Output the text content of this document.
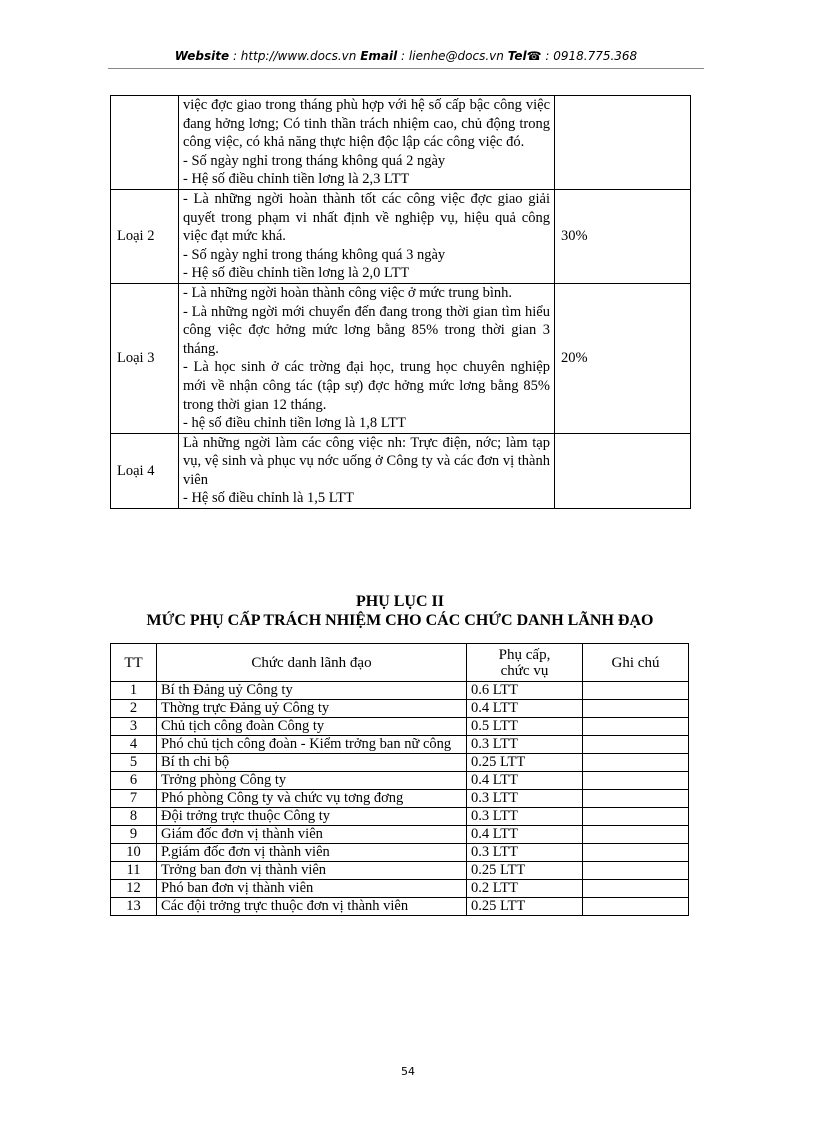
Website : http://www.docs.vn Email : lienhe@docs.vn Tel☎ : 0918.775.368

	việc đợc giao trong tháng phù hợp với hệ số cấp bậc công việc đang hởng lơng; Có tinh thần trách nhiệm cao, chủ động trong công việc, có khả năng thực hiện độc lập các công việc đó.
- Số ngày nghỉ trong tháng không quá 2 ngày
- Hệ số điều chỉnh tiền lơng là 2,3 LTT	

Loại 2	- Là những ngời hoàn thành tốt các công việc đợc giao giải quyết trong phạm vi nhất định về nghiệp vụ, hiệu quả công việc đạt mức khá.
- Số ngày nghỉ trong tháng không quá 3 ngày
- Hệ số điều chỉnh tiền lơng là 2,0 LTT	30%
Loại 3	- Là những ngời hoàn thành công việc ở mức trung bình.
- Là những ngời mới chuyển đến đang trong thời gian tìm hiểu công việc đợc hởng mức lơng bằng 85% trong thời gian 3 tháng.
- Là học sinh ở các trờng đại học, trung học chuyên nghiệp mới về nhận công tác (tập sự) đợc hởng mức lơng bằng 85% trong thời gian 12 tháng.
- hệ số điều chỉnh tiền lơng là 1,8 LTT	20%
Loại 4	Là những ngời làm các công việc nh: Trực điện, nớc; làm tạp vụ, vệ sinh và phục vụ nớc uống ở Công ty và các đơn vị thành viên
- Hệ số điều chỉnh là 1,5 LTT	

PHỤ LỤC II
MỨC PHỤ CẤP TRÁCH NHIỆM CHO CÁC CHỨC DANH LÃNH ĐẠO
TT	Chức danh lãnh đạo	Phụ cấp,
chức vụ	Ghi chú
1	Bí th Đảng uỷ Công ty	0.6 LTT	
2	Thờng trực Đảng uỷ Công ty	0.4 LTT	
3	Chủ tịch công đoàn Công ty	0.5 LTT	
4	Phó chủ tịch công đoàn - Kiểm trởng ban nữ công	0.3 LTT	
5	Bí th chi bộ	0.25 LTT	
6	Trởng phòng Công ty	0.4 LTT	
7	Phó phòng Công ty và chức vụ tơng đơng	0.3 LTT	
8	Đội trởng trực thuộc Công ty	0.3 LTT	
9	Giám đốc đơn vị thành viên	0.4 LTT	
10	P.giám đốc đơn vị thành viên	0.3 LTT	
11	Trởng ban đơn vị thành viên	0.25 LTT	
12	Phó ban đơn vị thành viên	0.2 LTT	
13	Các đội trởng trực thuộc đơn vị thành viên	0.25 LTT	
54
